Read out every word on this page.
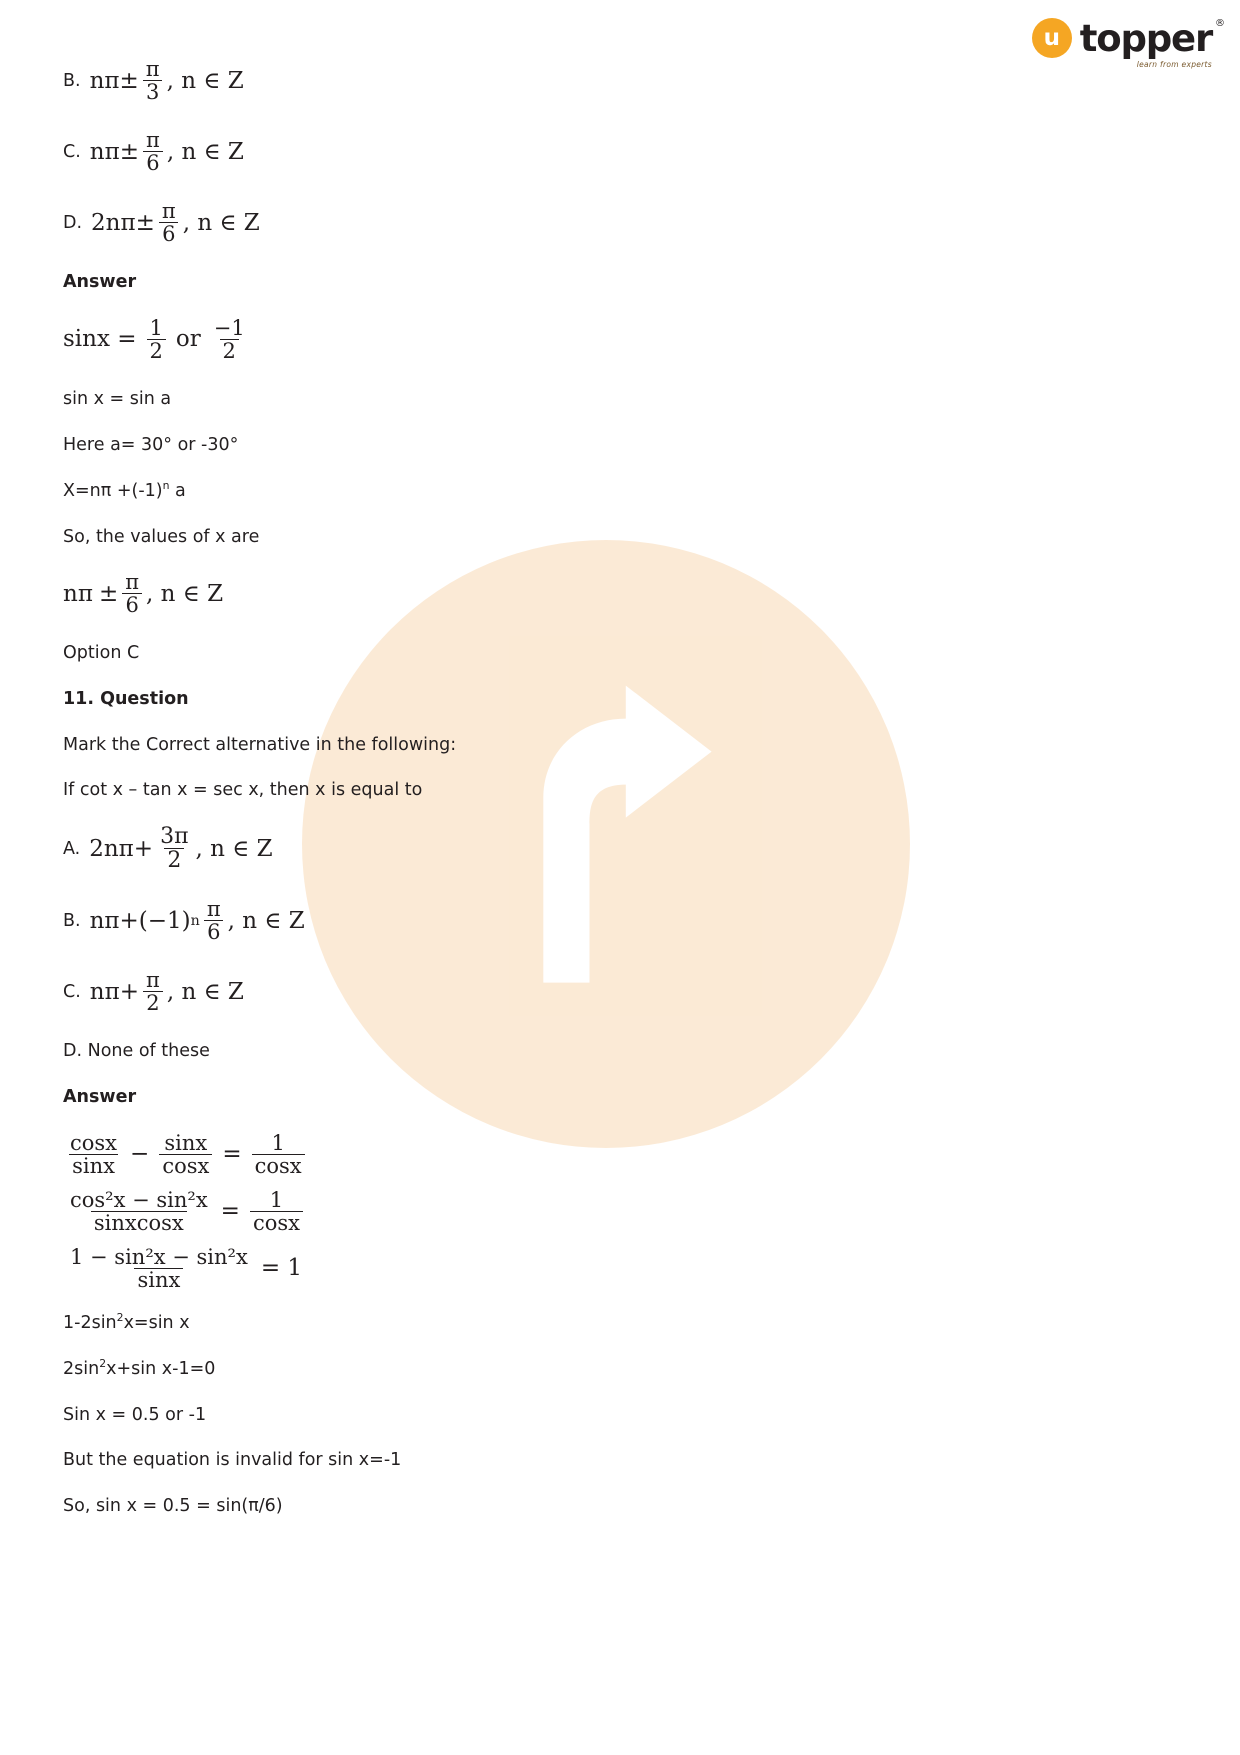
u topper ®
learn from experts
B. $n\pi \pm \frac{\pi}{3}$ , n ∈ Z
C. $n\pi \pm \frac{\pi}{6}$ , n ∈ Z
D. $2n\pi \pm \frac{\pi}{6}$ , n ∈ Z

Answer

$\sin x = \frac{1}{2}$ or $\frac{-1}{2}$

sin x = sin a

Here a= 30° or -30°

$X=n\pi +(-1)^n$ a

So, the values of x are

$n\pi \pm \frac{\pi}{6}$ , n ∈ Z

Option C

11. Question

Mark the Correct alternative in the following:

If cot x – tan x = sec x, then x is equal to

A. $2n\pi + \frac{3\pi}{2}$ , n ∈ Z
B. nπ + (−1) n $\frac{\pi}{6}$ , n ∈ Z
C. $n\pi + \frac{\pi}{2}$ , n ∈ Z

D. None of these

Answer

$\frac{\cos x}{\sin x} - \frac{\sin x}{\cos x} = \frac{1}{\cos x}$
$\frac{\text{cos²x − sin²x}}{\text{sinxcosx}} = \frac{1}{\cos x}$
$\frac{\text{1 − sin²x − sin²x}}{\sin x} = 1$

$1-2\sin^2x=\sin$ x

$2\sin^2x+\sin$ x-1=0

Sin x = 0.5 or -1

But the equation is invalid for sin x=-1

So, sin x = 0.5 = sin(π/6)
